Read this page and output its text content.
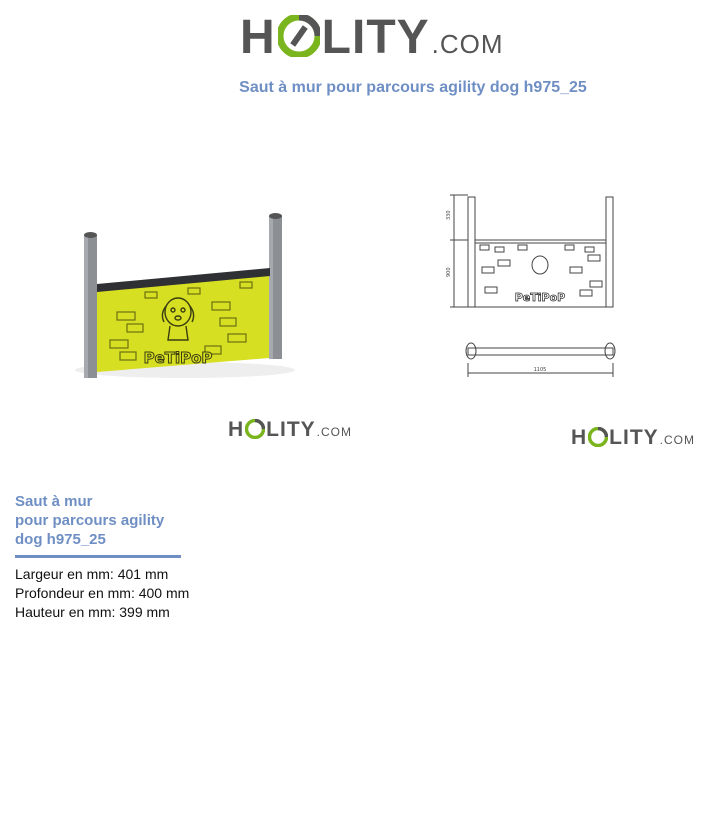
H LITY .COM
Saut à mur pour parcours agility dog h975_25
PeTiPoP
H LITY .COM
PeTiPoP
330
900
1105
H LITY .COM
Saut à mur
pour parcours agility
dog h975_25
Largeur en mm: 401 mm
Profondeur en mm: 400 mm
Hauteur en mm: 399 mm
